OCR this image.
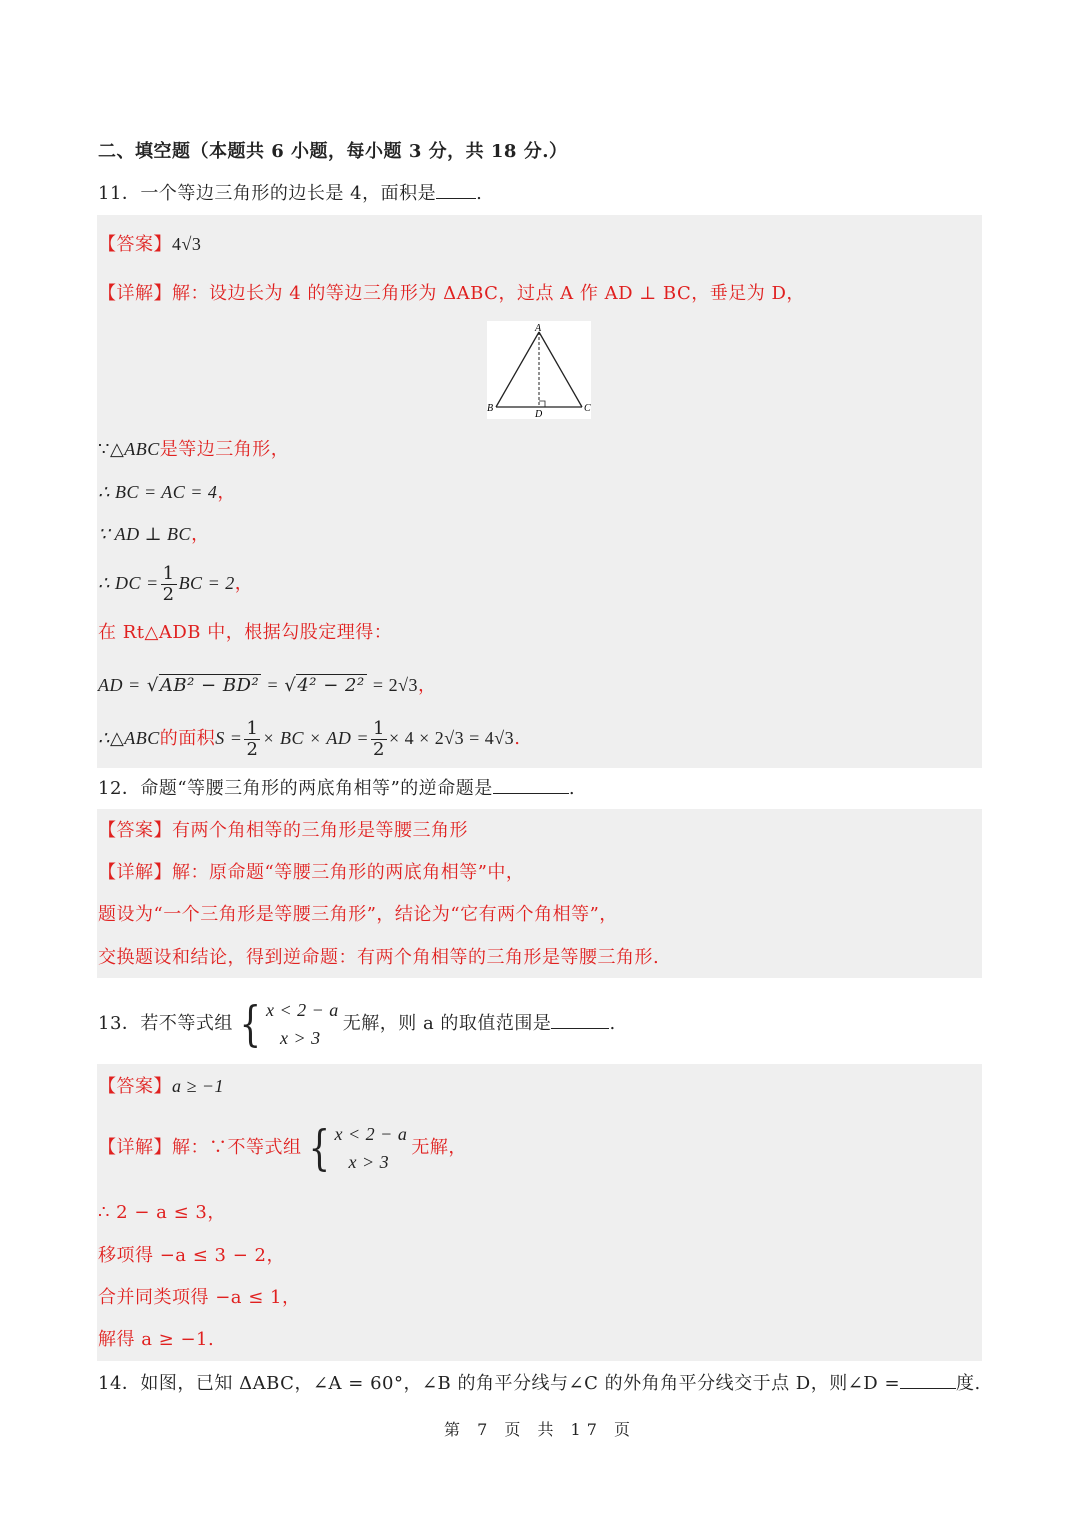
二、填空题（本题共 6 小题，每小题 3 分，共 18 分.）
11．一个等边三角形的边长是 4，面积是 .
【答案】4√3
【详解】解：设边长为 4 的等边三角形为 ΔABC，过点 A 作 AD ⊥ BC，垂足为 D，
A
B	C
D
∵△ABC是等边三角形，
∴ BC = AC = 4，
∵ AD ⊥ BC，
∴ DC = $\frac{1}{2}$ BC = 2，
在 Rt△ADB 中，根据勾股定理得：
AD = √AB² − BD² = √4² − 2² = 2√3，
∴△ABC的面积$S = \frac{1}{2}$ × BC × AD = $\frac{1}{2} \times 4 \times 2√3 = 4√3$.
12．命题“等腰三角形的两底角相等”的逆命题是	.
【答案】有两个角相等的三角形是等腰三角形
【详解】解：原命题“等腰三角形的两底角相等”中，
题设为“一个三角形是等腰三角形”，结论为“它有两个角相等”，
交换题设和结论，得到逆命题：有两个角相等的三角形是等腰三角形.
13．若不等式组 { x < 2 − a
x > 3
无解，则 a 的取值范围是	.
【答案】a ≥ −1
【详解】解：∵不等式组 { x < 2 − a
x > 3
无解，
∴ 2 − a ≤ 3，
移项得 −a ≤ 3 − 2，
合并同类项得 −a ≤ 1，
解得 a ≥ −1.
14．如图，已知 ΔABC，∠A = 60°，∠B 的角平分线与∠C 的外角角平分线交于点 D，则∠D =	度.
第 7 页 共 17 页
